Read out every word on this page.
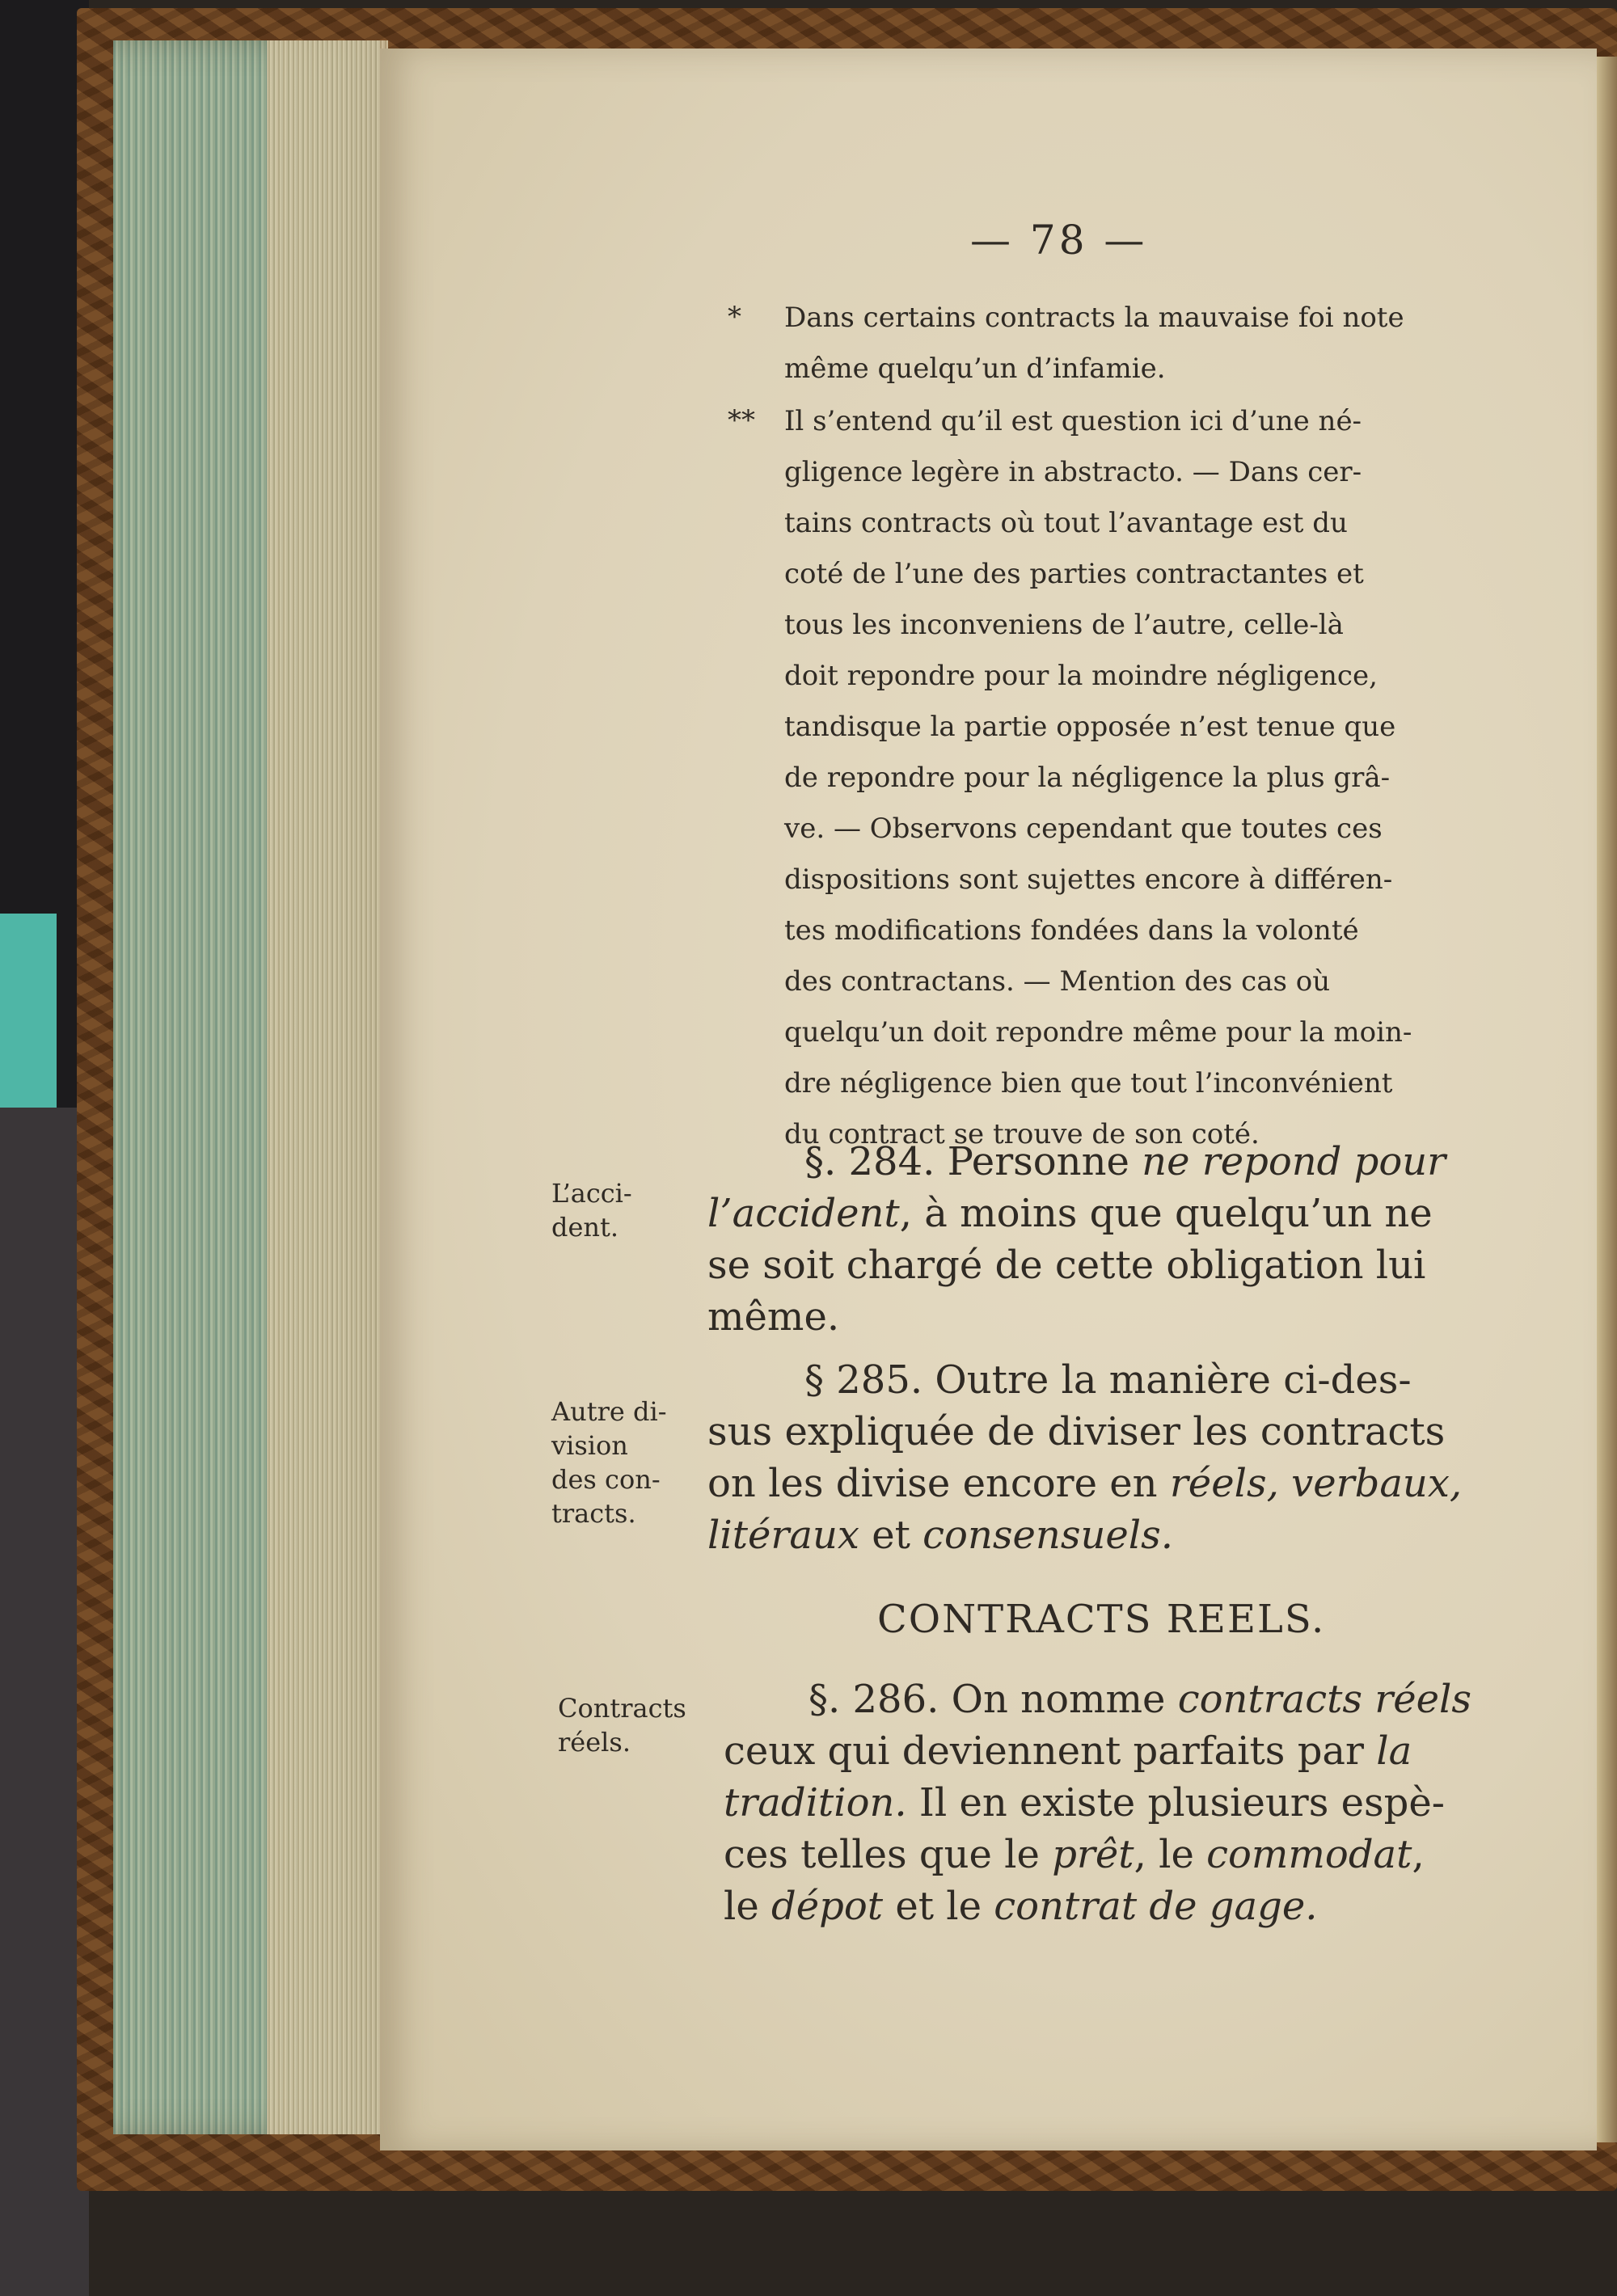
— 78 —
* Dans certains contracts la mauvaise foi note
même quelqu’un d’infamie.
** Il s’entend qu’il est question ici d’une né-
gligence legère in abstracto. — Dans cer-
tains contracts où tout l’avantage est du
coté de l’une des parties contractantes et
tous les inconveniens de l’autre, celle-là
doit repondre pour la moindre négligence,
tandisque la partie opposée n’est tenue que
de repondre pour la négligence la plus grâ-
ve. — Observons cependant que toutes ces
dispositions sont sujettes encore à différen-
tes modifications fondées dans la volonté
des contractans. — Mention des cas où
quelqu’un doit repondre même pour la moin-
dre négligence bien que tout l’inconvénient
du contract se trouve de son coté.
L’acci-
dent.
§. 284. Personne ne repond pour
l’accident, à moins que quelqu’un ne
se soit chargé de cette obligation lui
même.
Autre di-
vision
des con-
tracts.
§ 285. Outre la manière ci-des-
sus expliquée de diviser les contracts
on les divise encore en réels, verbaux,
litéraux et consensuels.
CONTRACTS REELS.
Contracts
réels.
§. 286. On nomme contracts réels
ceux qui deviennent parfaits par la
tradition. Il en existe plusieurs espè-
ces telles que le prêt, le commodat,
le dépot et le contrat de gage.
